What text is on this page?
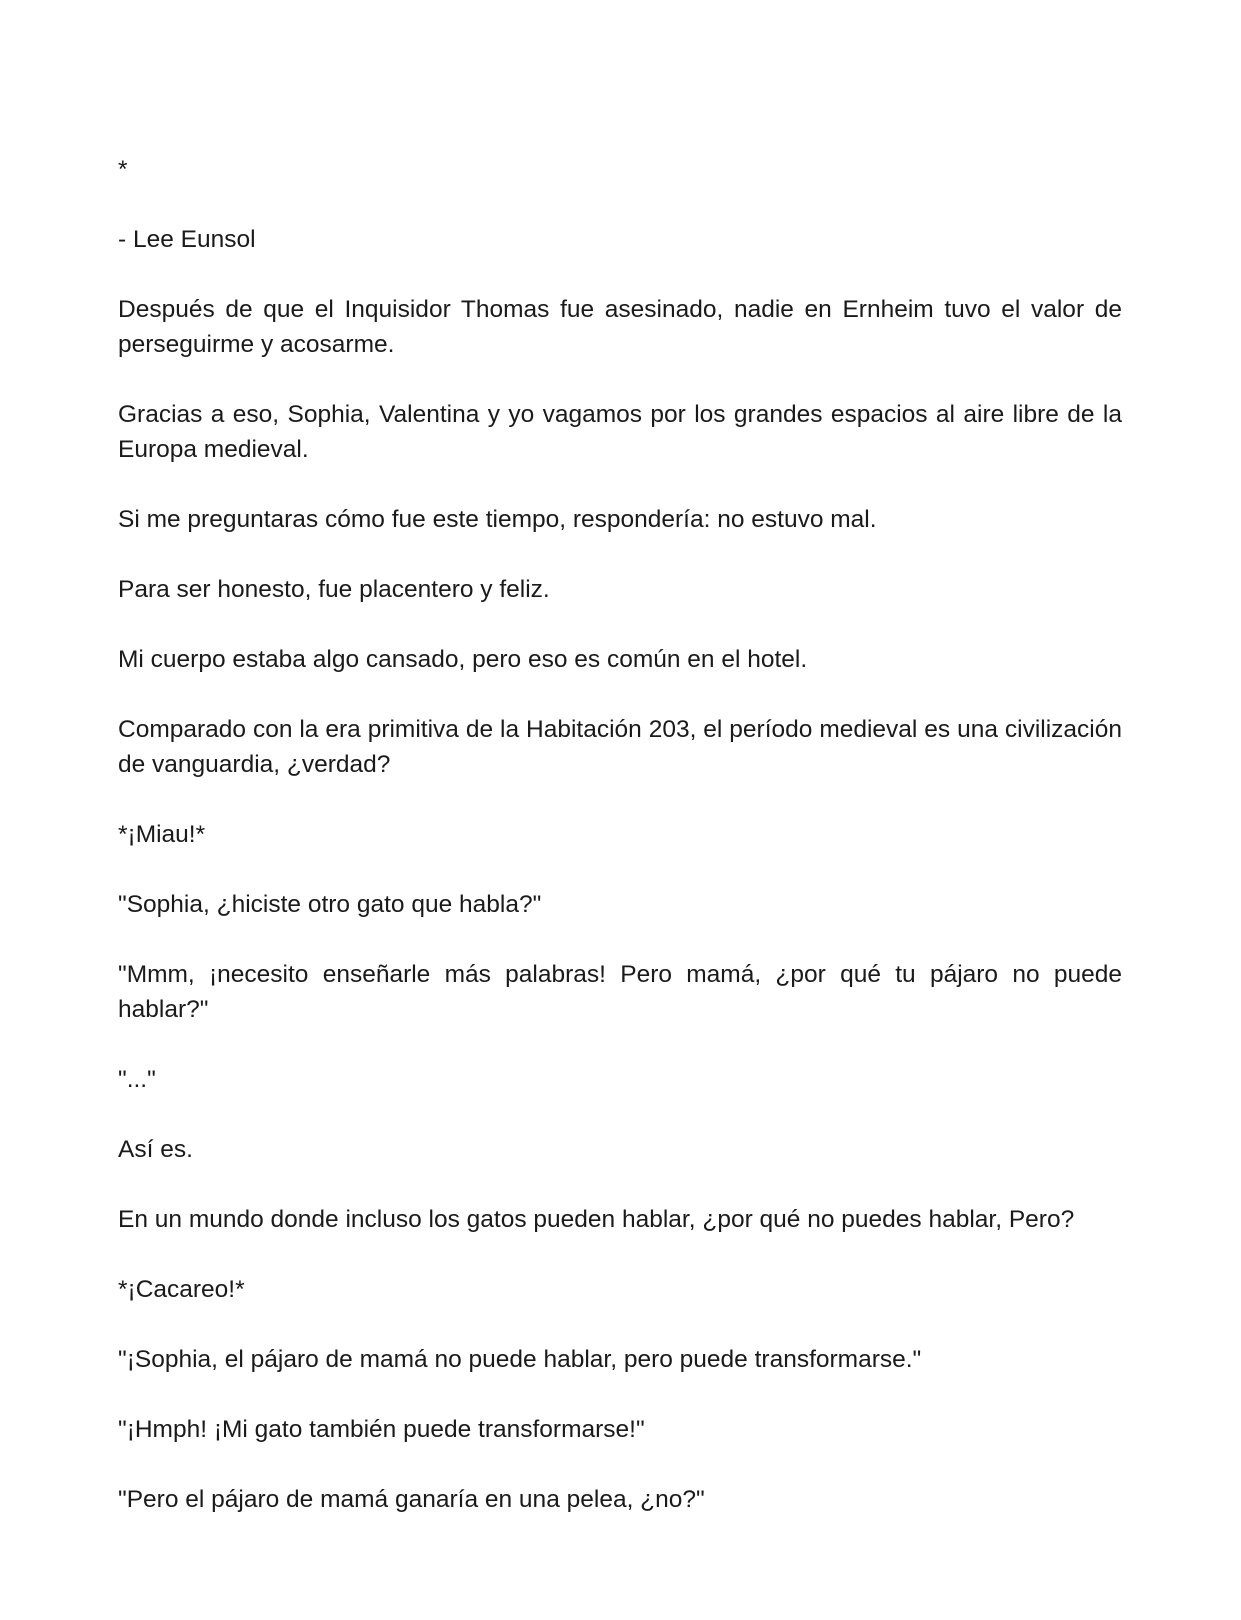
*

- Lee Eunsol

Después de que el Inquisidor Thomas fue asesinado, nadie en Ernheim tuvo el valor de perseguirme y acosarme.

Gracias a eso, Sophia, Valentina y yo vagamos por los grandes espacios al aire libre de la Europa medieval.

Si me preguntaras cómo fue este tiempo, respondería: no estuvo mal.

Para ser honesto, fue placentero y feliz.

Mi cuerpo estaba algo cansado, pero eso es común en el hotel.

Comparado con la era primitiva de la Habitación 203, el período medieval es una civilización de vanguardia, ¿verdad?

*¡Miau!*

"Sophia, ¿hiciste otro gato que habla?"

"Mmm, ¡necesito enseñarle más palabras! Pero mamá, ¿por qué tu pájaro no puede hablar?"

"..."

Así es.

En un mundo donde incluso los gatos pueden hablar, ¿por qué no puedes hablar, Pero?

*¡Cacareo!*

"¡Sophia, el pájaro de mamá no puede hablar, pero puede transformarse."

"¡Hmph! ¡Mi gato también puede transformarse!"

"Pero el pájaro de mamá ganaría en una pelea, ¿no?"
